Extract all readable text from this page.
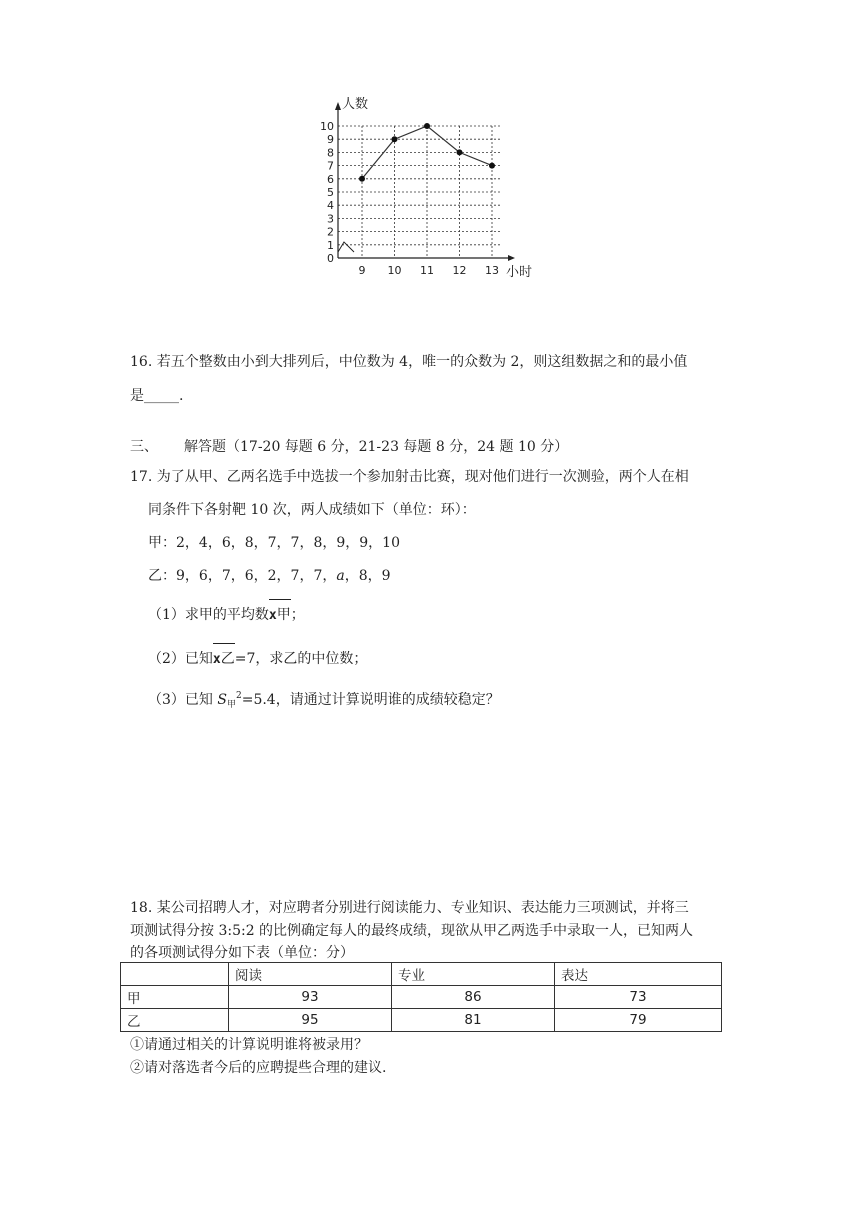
0
1
2
3
4
5
6
7
8
9
10
9 10 11 12 13
人数
小时
16. 若五个整数由小到大排列后，中位数为 4，唯一的众数为 2，则这组数据之和的最小值
是_____.
三、 解答题（17-20 每题 6 分，21-23 每题 8 分，24 题 10 分）
17. 为了从甲、乙两名选手中选拔一个参加射击比赛，现对他们进行一次测验，两个人在相
同条件下各射靶 10 次，两人成绩如下（单位：环）：
甲：2，4，6，8，7，7，8，9，9，10
乙：9，6，7，6，2，7，7，a，8，9
（1）求甲的平均数x甲；
（2）已知x乙=7，求乙的中位数；
（3）已知 $S_甲^2=5.4$，请通过计算说明谁的成绩较稳定？
18. 某公司招聘人才，对应聘者分别进行阅读能力、专业知识、表达能力三项测试，并将三
项测试得分按 3:5:2 的比例确定每人的最终成绩，现欲从甲乙两选手中录取一人，已知两人
的各项测试得分如下表（单位：分）
	阅读	专业	表达
甲	93	86	73
乙	95	81	79
①请通过相关的计算说明谁将被录用？
②请对落选者今后的应聘提些合理的建议.
